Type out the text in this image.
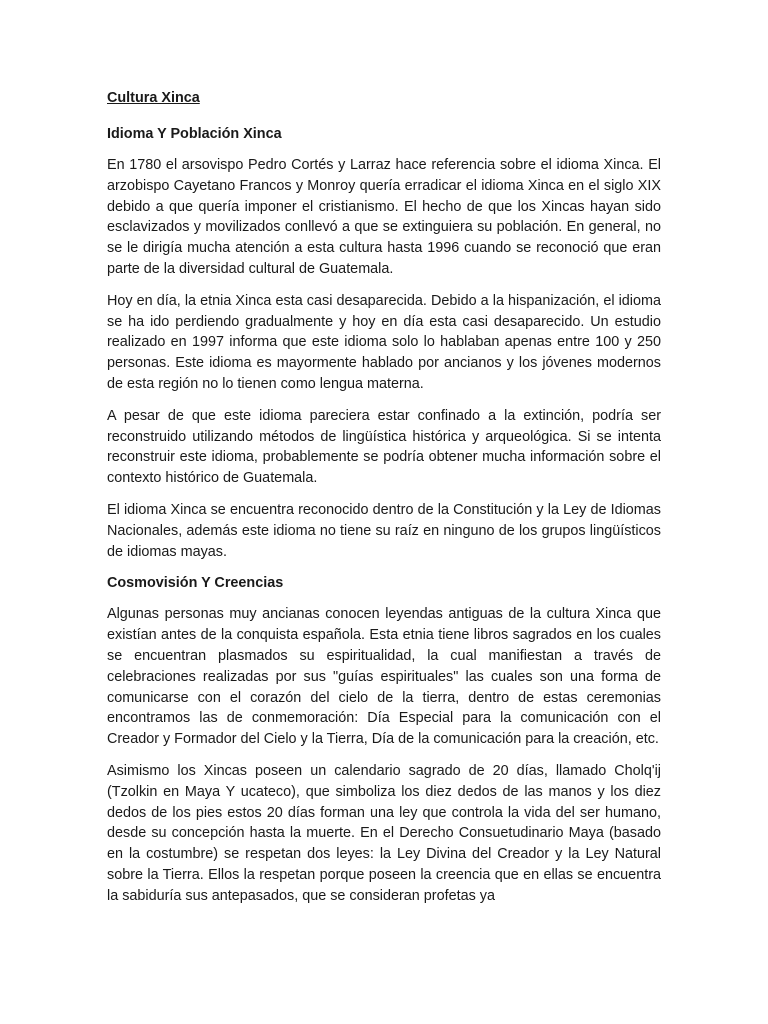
Cultura Xinca
Idioma Y Población Xinca

En 1780 el arsovispo Pedro Cortés y Larraz hace referencia sobre el idioma Xinca. El arzobispo Cayetano Francos y Monroy quería erradicar el idioma Xinca en el siglo XIX debido a que quería imponer el cristianismo. El hecho de que los Xincas hayan sido esclavizados y movilizados conllevó a que se extinguiera su población. En general, no se le dirigía mucha atención a esta cultura hasta 1996 cuando se reconoció que eran parte de la diversidad cultural de Guatemala.

Hoy en día, la etnia Xinca esta casi desaparecida. Debido a la hispanización, el idioma se ha ido perdiendo gradualmente y hoy en día esta casi desaparecido. Un estudio realizado en 1997 informa que este idioma solo lo hablaban apenas entre 100 y 250 personas. Este idioma es mayormente hablado por ancianos y los jóvenes modernos de esta región no lo tienen como lengua materna.

A pesar de que este idioma pareciera estar confinado a la extinción, podría ser reconstruido utilizando métodos de lingüística histórica y arqueológica. Si se intenta reconstruir este idioma, probablemente se podría obtener mucha información sobre el contexto histórico de Guatemala.

El idioma Xinca se encuentra reconocido dentro de la Constitución y la Ley de Idiomas Nacionales, además este idioma no tiene su raíz en ninguno de los grupos lingüísticos de idiomas mayas.

Cosmovisión Y Creencias

Algunas personas muy ancianas conocen leyendas antiguas de la cultura Xinca que existían antes de la conquista española. Esta etnia tiene libros sagrados en los cuales se encuentran plasmados su espiritualidad, la cual manifiestan a través de celebraciones realizadas por sus "guías espirituales" las cuales son una forma de comunicarse con el corazón del cielo de la tierra, dentro de estas ceremonias encontramos las de conmemoración: Día Especial para la comunicación con el Creador y Formador del Cielo y la Tierra, Día de la comunicación para la creación, etc.

Asimismo los Xincas poseen un calendario sagrado de 20 días, llamado Cholq'ij (Tzolkin en Maya Y ucateco), que simboliza los diez dedos de las manos y los diez dedos de los pies estos 20 días forman una ley que controla la vida del ser humano, desde su concepción hasta la muerte. En el Derecho Consuetudinario Maya (basado en la costumbre) se respetan dos leyes: la Ley Divina del Creador y la Ley Natural sobre la Tierra. Ellos la respetan porque poseen la creencia que en ellas se encuentra la sabiduría sus antepasados, que se consideran profetas ya
